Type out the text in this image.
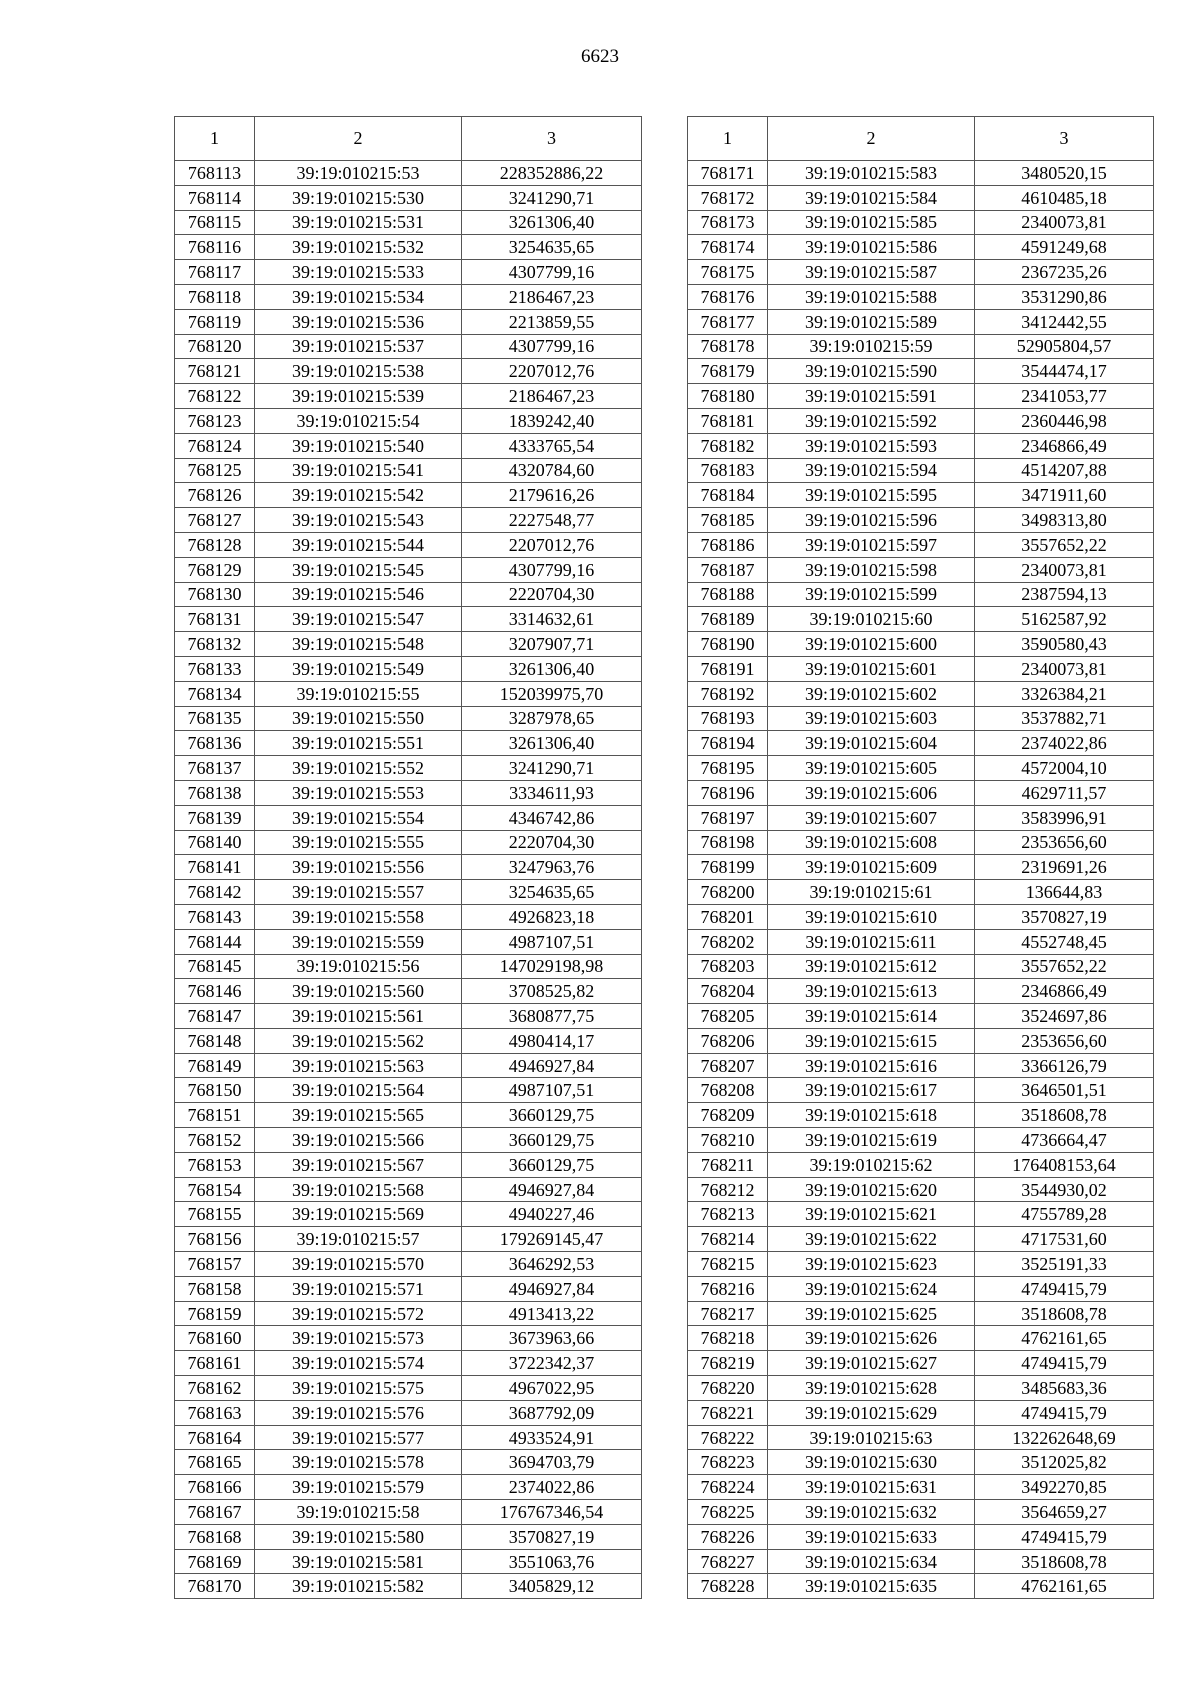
6623
1	2	3
768113	39:19:010215:53	228352886,22
768114	39:19:010215:530	3241290,71
768115	39:19:010215:531	3261306,40
768116	39:19:010215:532	3254635,65
768117	39:19:010215:533	4307799,16
768118	39:19:010215:534	2186467,23
768119	39:19:010215:536	2213859,55
768120	39:19:010215:537	4307799,16
768121	39:19:010215:538	2207012,76
768122	39:19:010215:539	2186467,23
768123	39:19:010215:54	1839242,40
768124	39:19:010215:540	4333765,54
768125	39:19:010215:541	4320784,60
768126	39:19:010215:542	2179616,26
768127	39:19:010215:543	2227548,77
768128	39:19:010215:544	2207012,76
768129	39:19:010215:545	4307799,16
768130	39:19:010215:546	2220704,30
768131	39:19:010215:547	3314632,61
768132	39:19:010215:548	3207907,71
768133	39:19:010215:549	3261306,40
768134	39:19:010215:55	152039975,70
768135	39:19:010215:550	3287978,65
768136	39:19:010215:551	3261306,40
768137	39:19:010215:552	3241290,71
768138	39:19:010215:553	3334611,93
768139	39:19:010215:554	4346742,86
768140	39:19:010215:555	2220704,30
768141	39:19:010215:556	3247963,76
768142	39:19:010215:557	3254635,65
768143	39:19:010215:558	4926823,18
768144	39:19:010215:559	4987107,51
768145	39:19:010215:56	147029198,98
768146	39:19:010215:560	3708525,82
768147	39:19:010215:561	3680877,75
768148	39:19:010215:562	4980414,17
768149	39:19:010215:563	4946927,84
768150	39:19:010215:564	4987107,51
768151	39:19:010215:565	3660129,75
768152	39:19:010215:566	3660129,75
768153	39:19:010215:567	3660129,75
768154	39:19:010215:568	4946927,84
768155	39:19:010215:569	4940227,46
768156	39:19:010215:57	179269145,47
768157	39:19:010215:570	3646292,53
768158	39:19:010215:571	4946927,84
768159	39:19:010215:572	4913413,22
768160	39:19:010215:573	3673963,66
768161	39:19:010215:574	3722342,37
768162	39:19:010215:575	4967022,95
768163	39:19:010215:576	3687792,09
768164	39:19:010215:577	4933524,91
768165	39:19:010215:578	3694703,79
768166	39:19:010215:579	2374022,86
768167	39:19:010215:58	176767346,54
768168	39:19:010215:580	3570827,19
768169	39:19:010215:581	3551063,76
768170	39:19:010215:582	3405829,12
1	2	3
768171	39:19:010215:583	3480520,15
768172	39:19:010215:584	4610485,18
768173	39:19:010215:585	2340073,81
768174	39:19:010215:586	4591249,68
768175	39:19:010215:587	2367235,26
768176	39:19:010215:588	3531290,86
768177	39:19:010215:589	3412442,55
768178	39:19:010215:59	52905804,57
768179	39:19:010215:590	3544474,17
768180	39:19:010215:591	2341053,77
768181	39:19:010215:592	2360446,98
768182	39:19:010215:593	2346866,49
768183	39:19:010215:594	4514207,88
768184	39:19:010215:595	3471911,60
768185	39:19:010215:596	3498313,80
768186	39:19:010215:597	3557652,22
768187	39:19:010215:598	2340073,81
768188	39:19:010215:599	2387594,13
768189	39:19:010215:60	5162587,92
768190	39:19:010215:600	3590580,43
768191	39:19:010215:601	2340073,81
768192	39:19:010215:602	3326384,21
768193	39:19:010215:603	3537882,71
768194	39:19:010215:604	2374022,86
768195	39:19:010215:605	4572004,10
768196	39:19:010215:606	4629711,57
768197	39:19:010215:607	3583996,91
768198	39:19:010215:608	2353656,60
768199	39:19:010215:609	2319691,26
768200	39:19:010215:61	136644,83
768201	39:19:010215:610	3570827,19
768202	39:19:010215:611	4552748,45
768203	39:19:010215:612	3557652,22
768204	39:19:010215:613	2346866,49
768205	39:19:010215:614	3524697,86
768206	39:19:010215:615	2353656,60
768207	39:19:010215:616	3366126,79
768208	39:19:010215:617	3646501,51
768209	39:19:010215:618	3518608,78
768210	39:19:010215:619	4736664,47
768211	39:19:010215:62	176408153,64
768212	39:19:010215:620	3544930,02
768213	39:19:010215:621	4755789,28
768214	39:19:010215:622	4717531,60
768215	39:19:010215:623	3525191,33
768216	39:19:010215:624	4749415,79
768217	39:19:010215:625	3518608,78
768218	39:19:010215:626	4762161,65
768219	39:19:010215:627	4749415,79
768220	39:19:010215:628	3485683,36
768221	39:19:010215:629	4749415,79
768222	39:19:010215:63	132262648,69
768223	39:19:010215:630	3512025,82
768224	39:19:010215:631	3492270,85
768225	39:19:010215:632	3564659,27
768226	39:19:010215:633	4749415,79
768227	39:19:010215:634	3518608,78
768228	39:19:010215:635	4762161,65
